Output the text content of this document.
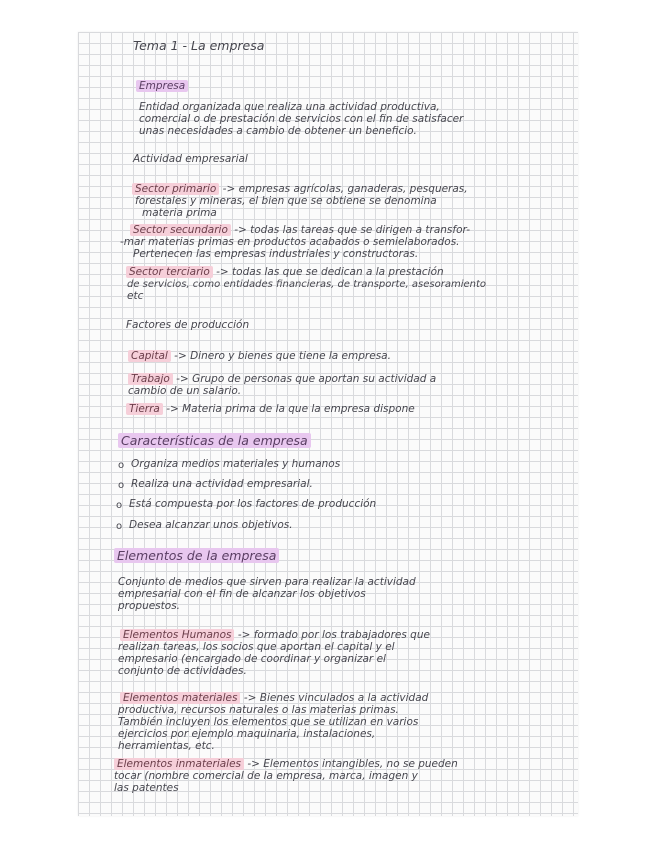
Tema 1 - La empresa

Empresa

Entidad organizada que realiza una actividad productiva,

comercial o de prestación de servicios con el fin de satisfacer

unas necesidades a cambio de obtener un beneficio.

Actividad empresarial

Sector primario -> empresas agrícolas, ganaderas, pesqueras,

forestales y mineras, el bien que se obtiene se denomina

materia prima

Sector secundario -> todas las tareas que se dirigen a transfor-

-mar materias primas en productos acabados o semielaborados.

Pertenecen las empresas industriales y constructoras.

Sector terciario -> todas las que se dedican a la prestación

de servicios, como entidades financieras, de transporte, asesoramiento

etc

Factores de producción

Capital -> Dinero y bienes que tiene la empresa.

Trabajo -> Grupo de personas que aportan su actividad a

cambio de un salario.

Tierra -> Materia prima de la que la empresa dispone

Características de la empresa

o Organiza medios materiales y humanos

o Realiza una actividad empresarial.

o Está compuesta por los factores de producción

o Desea alcanzar unos objetivos.

Elementos de la empresa

Conjunto de medios que sirven para realizar la actividad

empresarial con el fin de alcanzar los objetivos

propuestos.

Elementos Humanos -> formado por los trabajadores que

realizan tareas, los socios que aportan el capital y el

empresario (encargado de coordinar y organizar el

conjunto de actividades.

Elementos materiales -> Bienes vinculados a la actividad

productiva, recursos naturales o las materias primas.

También incluyen los elementos que se utilizan en varios

ejercicios por ejemplo maquinaria, instalaciones,

herramientas, etc.

Elementos inmateriales -> Elementos intangibles, no se pueden

tocar (nombre comercial de la empresa, marca, imagen y

las patentes
